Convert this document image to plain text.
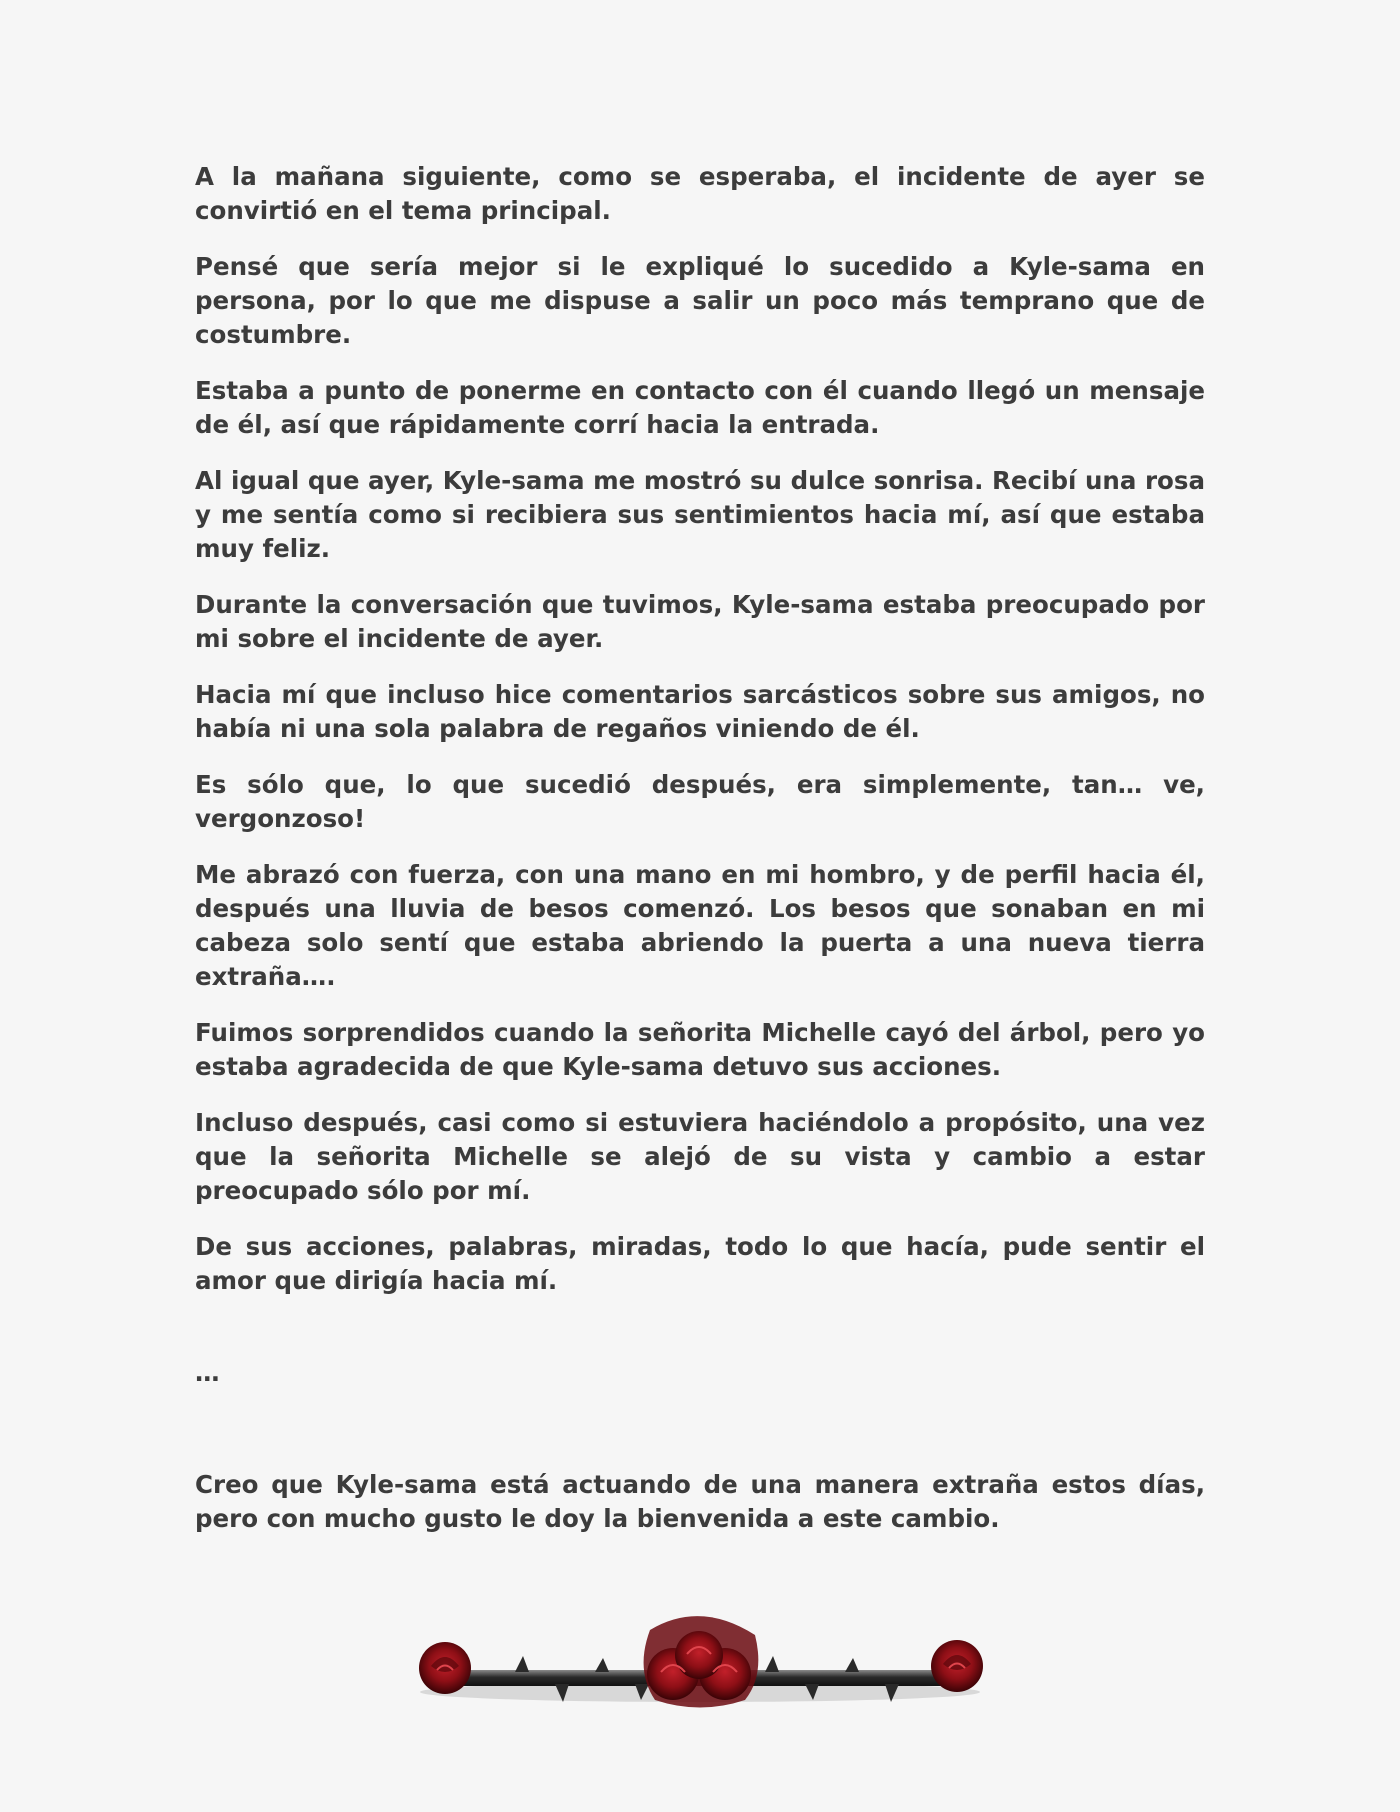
A la mañana siguiente, como se esperaba, el incidente de ayer se convirtió en el tema principal.

Pensé que sería mejor si le expliqué lo sucedido a Kyle-sama en persona, por lo que me dispuse a salir un poco más temprano que de costumbre.

Estaba a punto de ponerme en contacto con él cuando llegó un mensaje de él, así que rápidamente corrí hacia la entrada.

Al igual que ayer, Kyle-sama me mostró su dulce sonrisa. Recibí una rosa y me sentía como si recibiera sus sentimientos hacia mí, así que estaba muy feliz.

Durante la conversación que tuvimos, Kyle-sama estaba preocupado por mi sobre el incidente de ayer.

Hacia mí que incluso hice comentarios sarcásticos sobre sus amigos, no había ni una sola palabra de regaños viniendo de él.

Es sólo que, lo que sucedió después, era simplemente, tan… ve, vergonzoso!

Me abrazó con fuerza, con una mano en mi hombro, y de perfil hacia él, después una lluvia de besos comenzó. Los besos que sonaban en mi cabeza solo sentí que estaba abriendo la puerta a una nueva tierra extraña….

Fuimos sorprendidos cuando la señorita Michelle cayó del árbol, pero yo estaba agradecida de que Kyle-sama detuvo sus acciones.

Incluso después, casi como si estuviera haciéndolo a propósito, una vez que la señorita Michelle se alejó de su vista y cambio a estar preocupado sólo por mí.

De sus acciones, palabras, miradas, todo lo que hacía, pude sentir el amor que dirigía hacia mí.

…

Creo que Kyle-sama está actuando de una manera extraña estos días, pero con mucho gusto le doy la bienvenida a este cambio.
